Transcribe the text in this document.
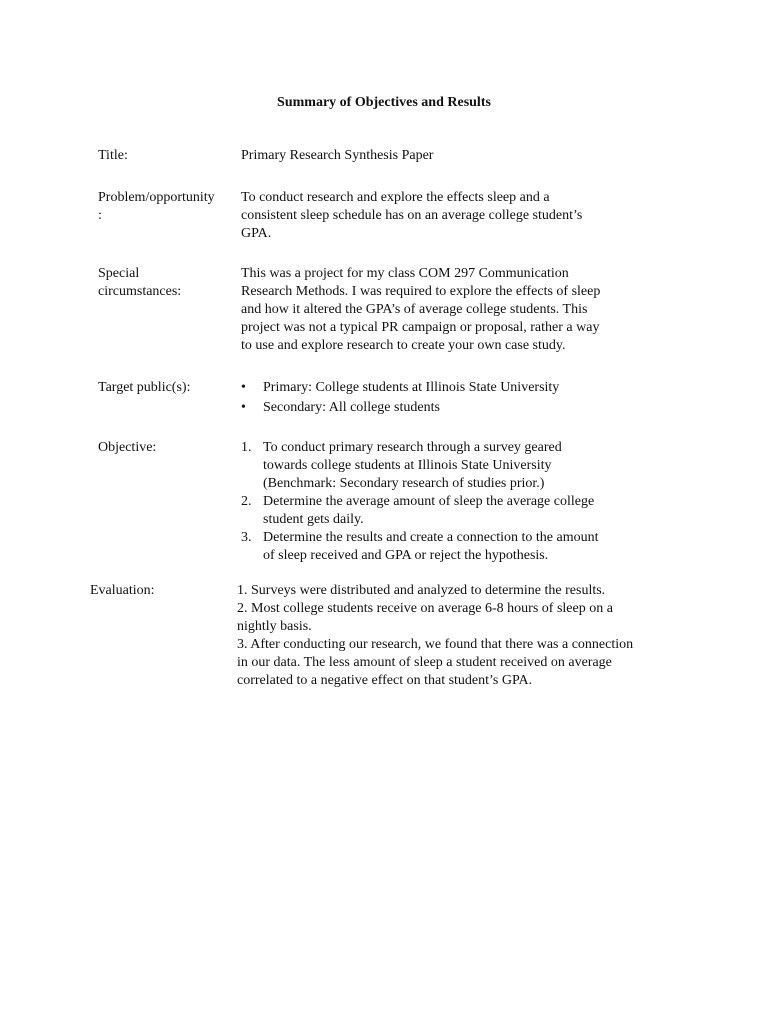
Summary of Objectives and Results
Title:	Primary Research Synthesis Paper
Problem/opportunity
:

To conduct research and explore the effects sleep and a

consistent sleep schedule has on an average college student’s

GPA.

Special
circumstances:

This was a project for my class COM 297 Communication

Research Methods. I was required to explore the effects of sleep

and how it altered the GPA’s of average college students. This

project was not a typical PR campaign or proposal, rather a way

to use and explore research to create your own case study.

Target public(s):	• Primary: College students at Illinois State University
• Secondary: All college students
Objective:	1. To conduct primary research through a survey geared
towards college students at Illinois State University
(Benchmark: Secondary research of studies prior.)
2. Determine the average amount of sleep the average college
student gets daily.
3. Determine the results and create a connection to the amount
of sleep received and GPA or reject the hypothesis.
Evaluation:	1. Surveys were distributed and analyzed to determine the results.

2. Most college students receive on average 6-8 hours of sleep on a

nightly basis.

3. After conducting our research, we found that there was a connection

in our data. The less amount of sleep a student received on average

correlated to a negative effect on that student’s GPA.
